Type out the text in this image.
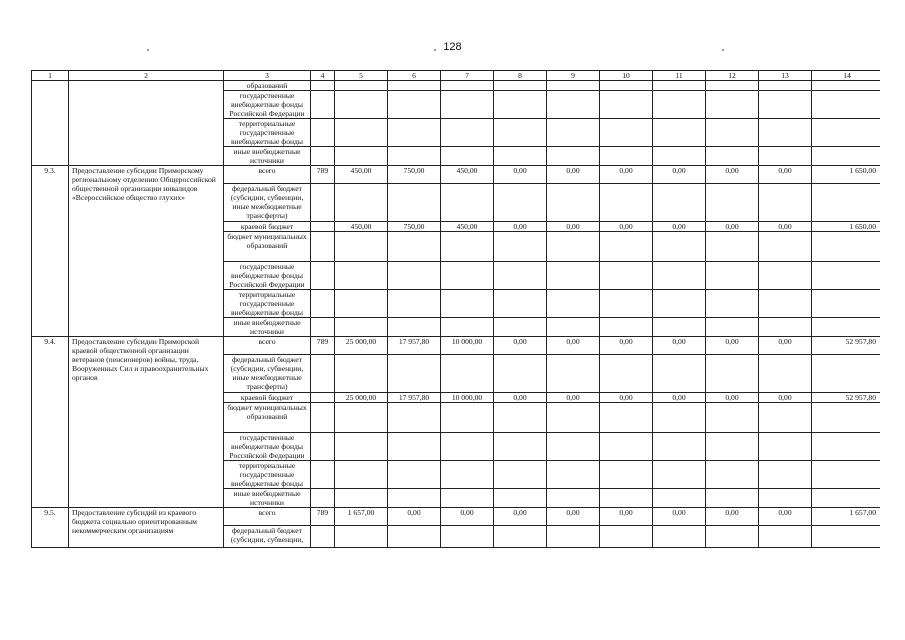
128
1	2	3	4	5	6	7	8	9	10	11	12	13	14
		образований											
		государственные внебюджетные фонды Российской Федерации											
		территориальные государственные внебюджетные фонды											
		иные внебюджетные источники											
9.3.	Предоставление субсидии Приморскому региональному отделению Общероссийской общественной организации инвалидов «Всероссийское общество глухих»	всего	789	450,00	750,00	450,00	0,00	0,00	0,00	0,00	0,00	0,00	1 650,00
		федеральный бюджет (субсидии, субвенции, иные межбюджетные трансферты)											
		краевой бюджет		450,00	750,00	450,00	0,00	0,00	0,00	0,00	0,00	0,00	1 650,00
		бюджет муниципальных образований											
		государственные внебюджетные фонды Российской Федерации											
		территориальные государственные внебюджетные фонды											
		иные внебюджетные источники											
9.4.	Предоставление субсидии Приморской краевой общественной организации ветеранов (пенсионеров) войны, труда, Вооруженных Сил и правоохранительных органов	всего	789	25 000,00	17 957,80	10 000,00	0,00	0,00	0,00	0,00	0,00	0,00	52 957,80
		федеральный бюджет (субсидии, субвенции, иные межбюджетные трансферты)											
		краевой бюджет		25 000,00	17 957,80	10 000,00	0,00	0,00	0,00	0,00	0,00	0,00	52 957,80
		бюджет муниципальных образований											
		государственные внебюджетные фонды Российской Федерации											
		территориальные государственные внебюджетные фонды											
		иные внебюджетные источники											
9.5.	Предоставление субсидий из краевого бюджета социально ориентированным некоммерческим организациям	всего	789	1 657,00	0,00	0,00	0,00	0,00	0,00	0,00	0,00	0,00	1 657,00
		федеральный бюджет (субсидии, субвенции,											
